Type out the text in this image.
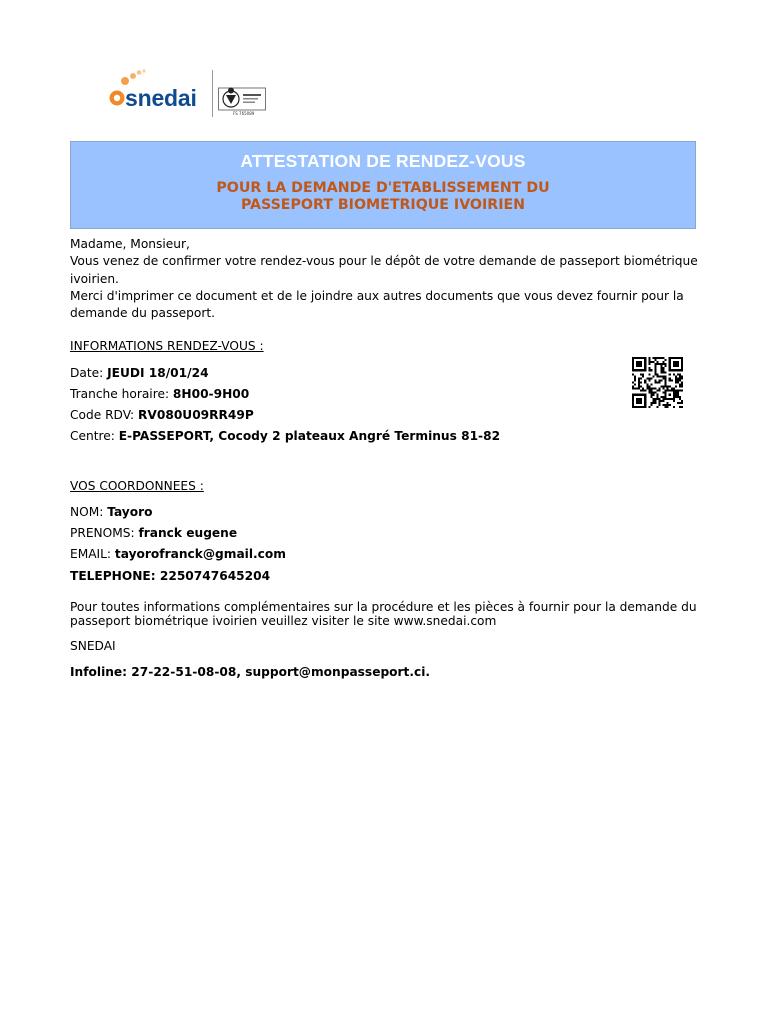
snedai
FS 765089
ATTESTATION DE RENDEZ-VOUS
POUR LA DEMANDE D'ETABLISSEMENT DU
PASSEPORT BIOMETRIQUE IVOIRIEN
Madame, Monsieur,
Vous venez de confirmer votre rendez-vous pour le dépôt de votre demande de passeport biométrique
ivoirien.
Merci d'imprimer ce document et de le joindre aux autres documents que vous devez fournir pour la
demande du passeport.
INFORMATIONS RENDEZ-VOUS :
Date: JEUDI 18/01/24
Tranche horaire: 8H00-9H00
Code RDV: RV080U09RR49P
Centre: E-PASSEPORT, Cocody 2 plateaux Angré Terminus 81-82
VOS COORDONNEES :
NOM: Tayoro
PRENOMS: franck eugene
EMAIL: tayorofranck@gmail.com
TELEPHONE: 2250747645204
Pour toutes informations complémentaires sur la procédure et les pièces à fournir pour la demande du
passeport biométrique ivoirien veuillez visiter le site www.snedai.com
SNEDAI
Infoline: 27-22-51-08-08, support@monpasseport.ci.
